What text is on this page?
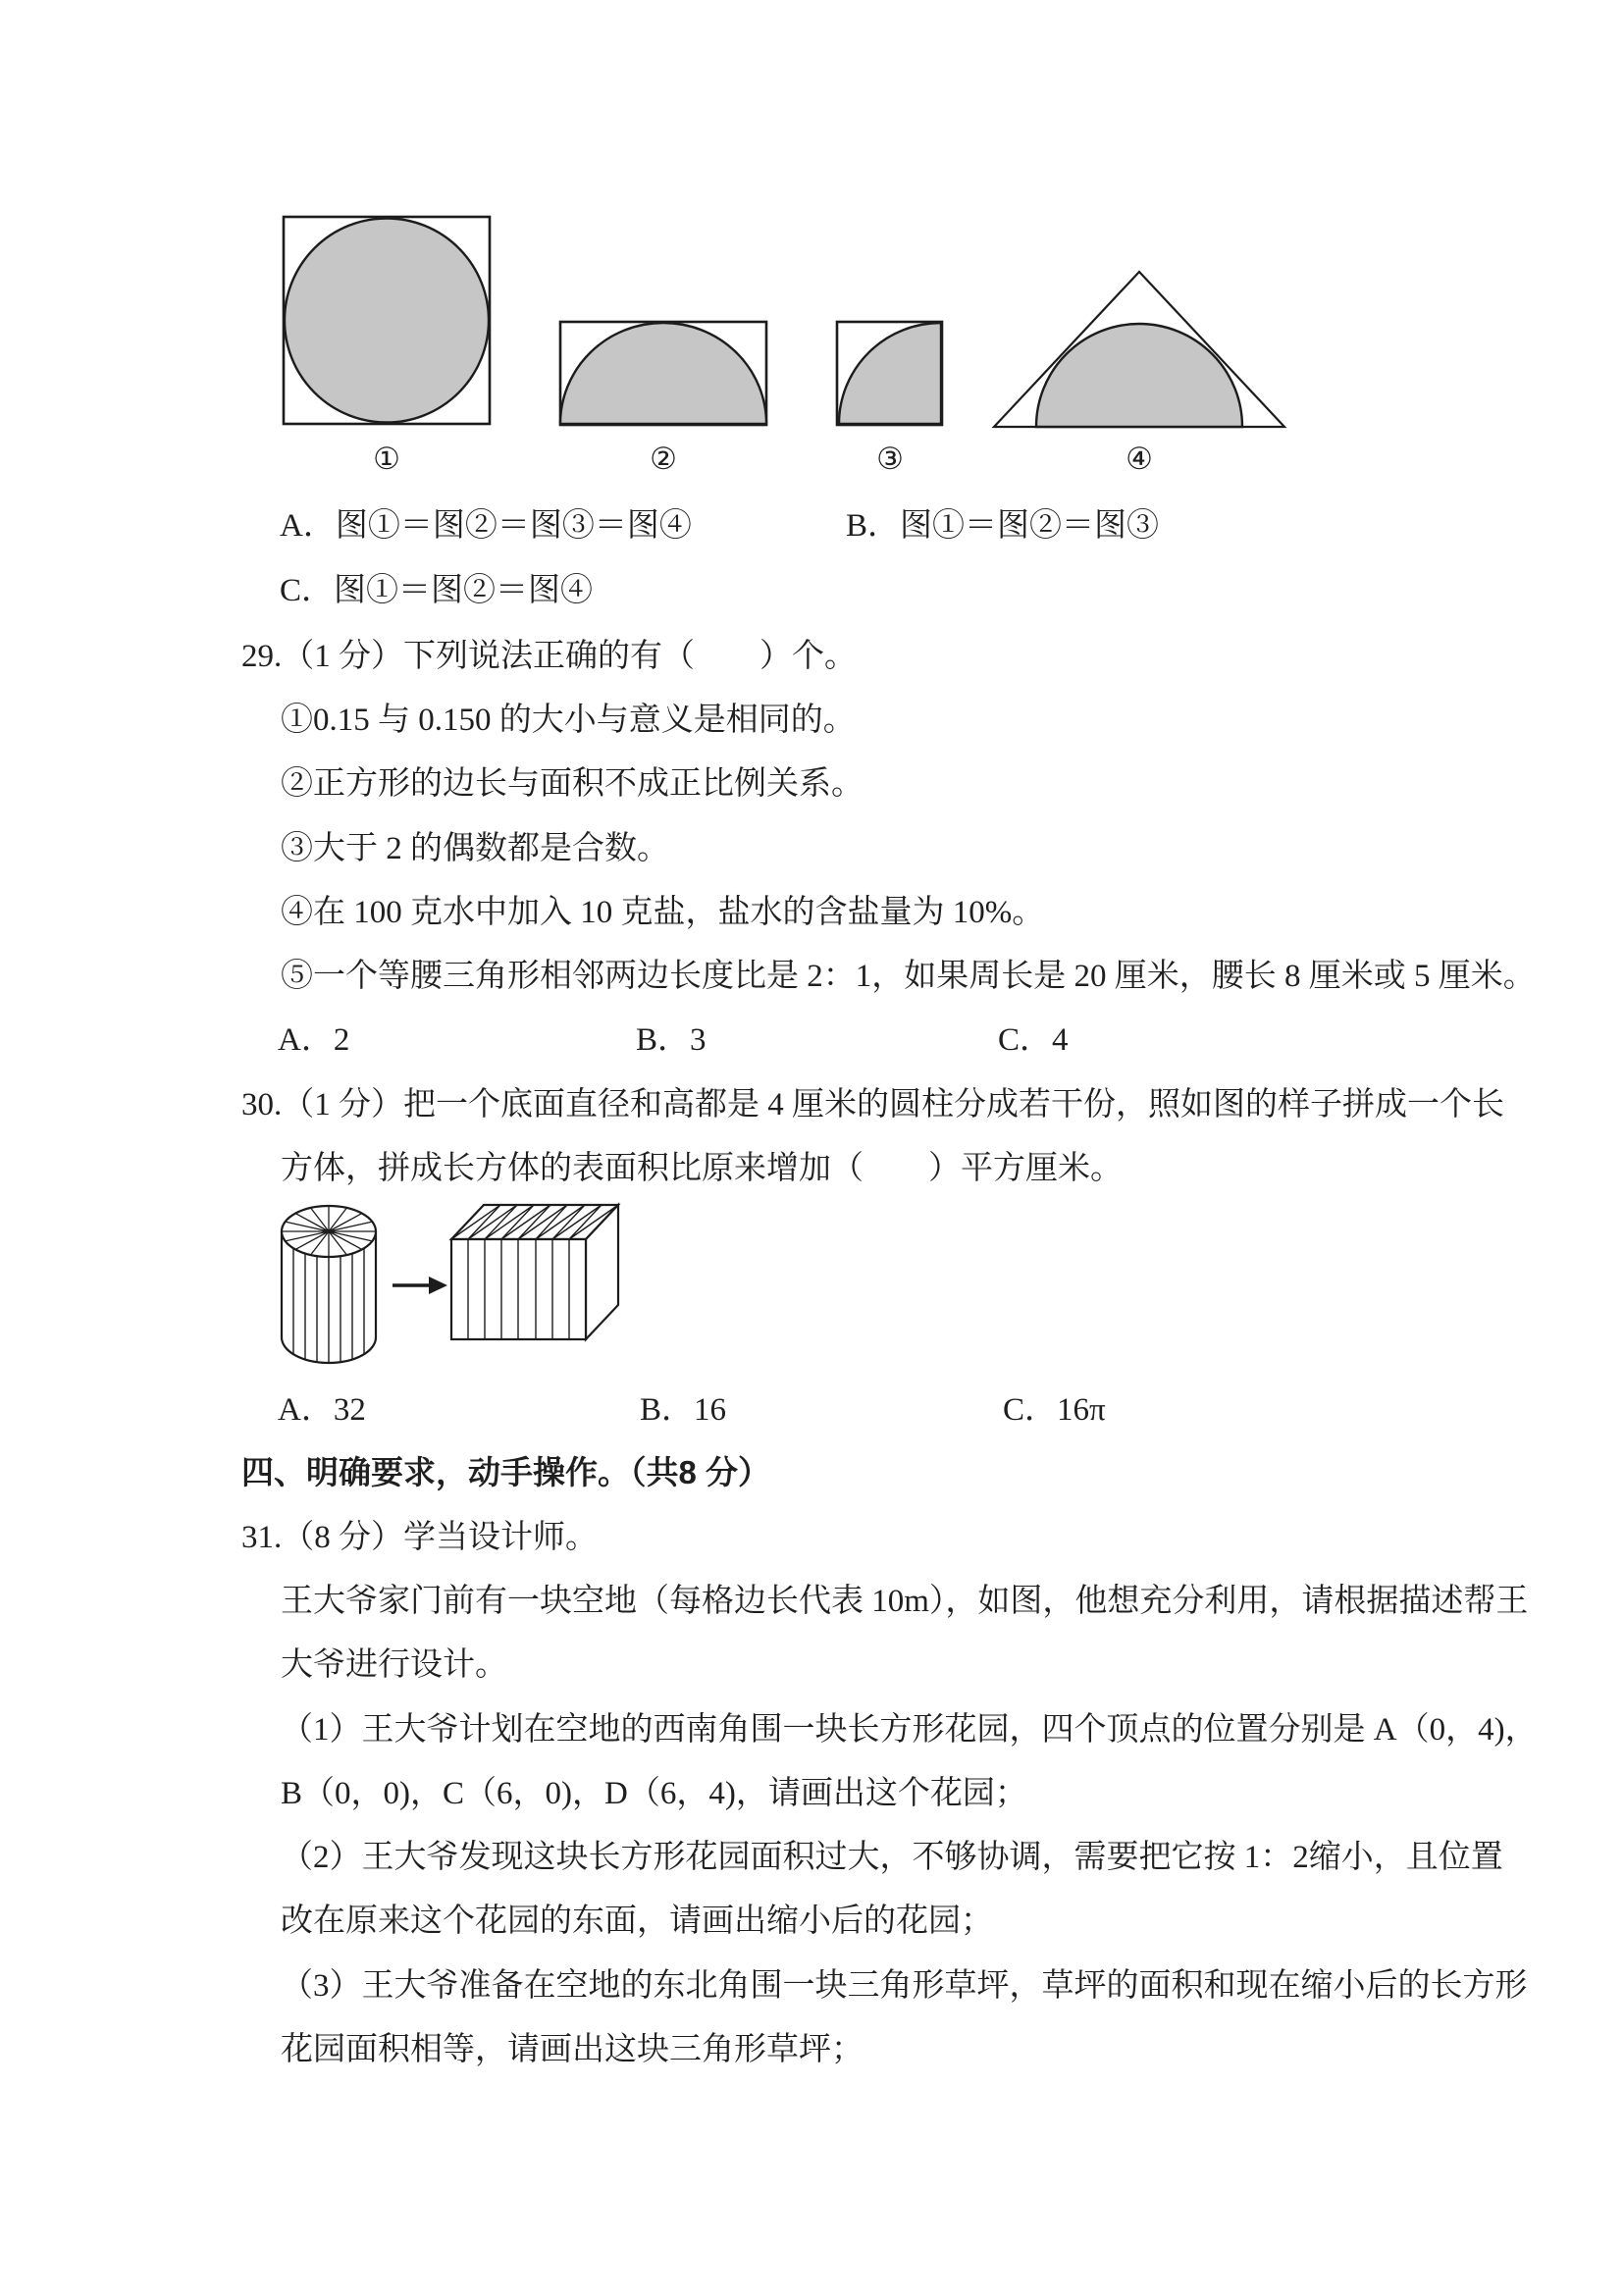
①	②	③	④
A．图①＝图②＝图③＝图④	B．图①＝图②＝图③
C．图①＝图②＝图④
29.（1 分）下列说法正确的有（　　）个。
①0.15 与 0.150 的大小与意义是相同的。
②正方形的边长与面积不成正比例关系。
③大于 2 的偶数都是合数。
④在 100 克水中加入 10 克盐，盐水的含盐量为 10%。
⑤一个等腰三角形相邻两边长度比是 2：1，如果周长是 20 厘米，腰长 8 厘米或 5 厘米。
A．2	B．3	C．4
30.（1 分）把一个底面直径和高都是 4 厘米的圆柱分成若干份，照如图的样子拼成一个长
方体，拼成长方体的表面积比原来增加（　　）平方厘米。
A．32	B．16	C．16π
四、明确要求，动手操作。（共8 分）
31.（8 分）学当设计师。
王大爷家门前有一块空地（每格边长代表 10m），如图，他想充分利用，请根据描述帮王
大爷进行设计。
（1）王大爷计划在空地的西南角围一块长方形花园，四个顶点的位置分别是 A（0，4)，
B（0，0)，C（6，0)，D（6，4)，请画出这个花园；
（2）王大爷发现这块长方形花园面积过大，不够协调，需要把它按 1：2缩小，且位置
改在原来这个花园的东面，请画出缩小后的花园；
（3）王大爷准备在空地的东北角围一块三角形草坪，草坪的面积和现在缩小后的长方形
花园面积相等，请画出这块三角形草坪；
